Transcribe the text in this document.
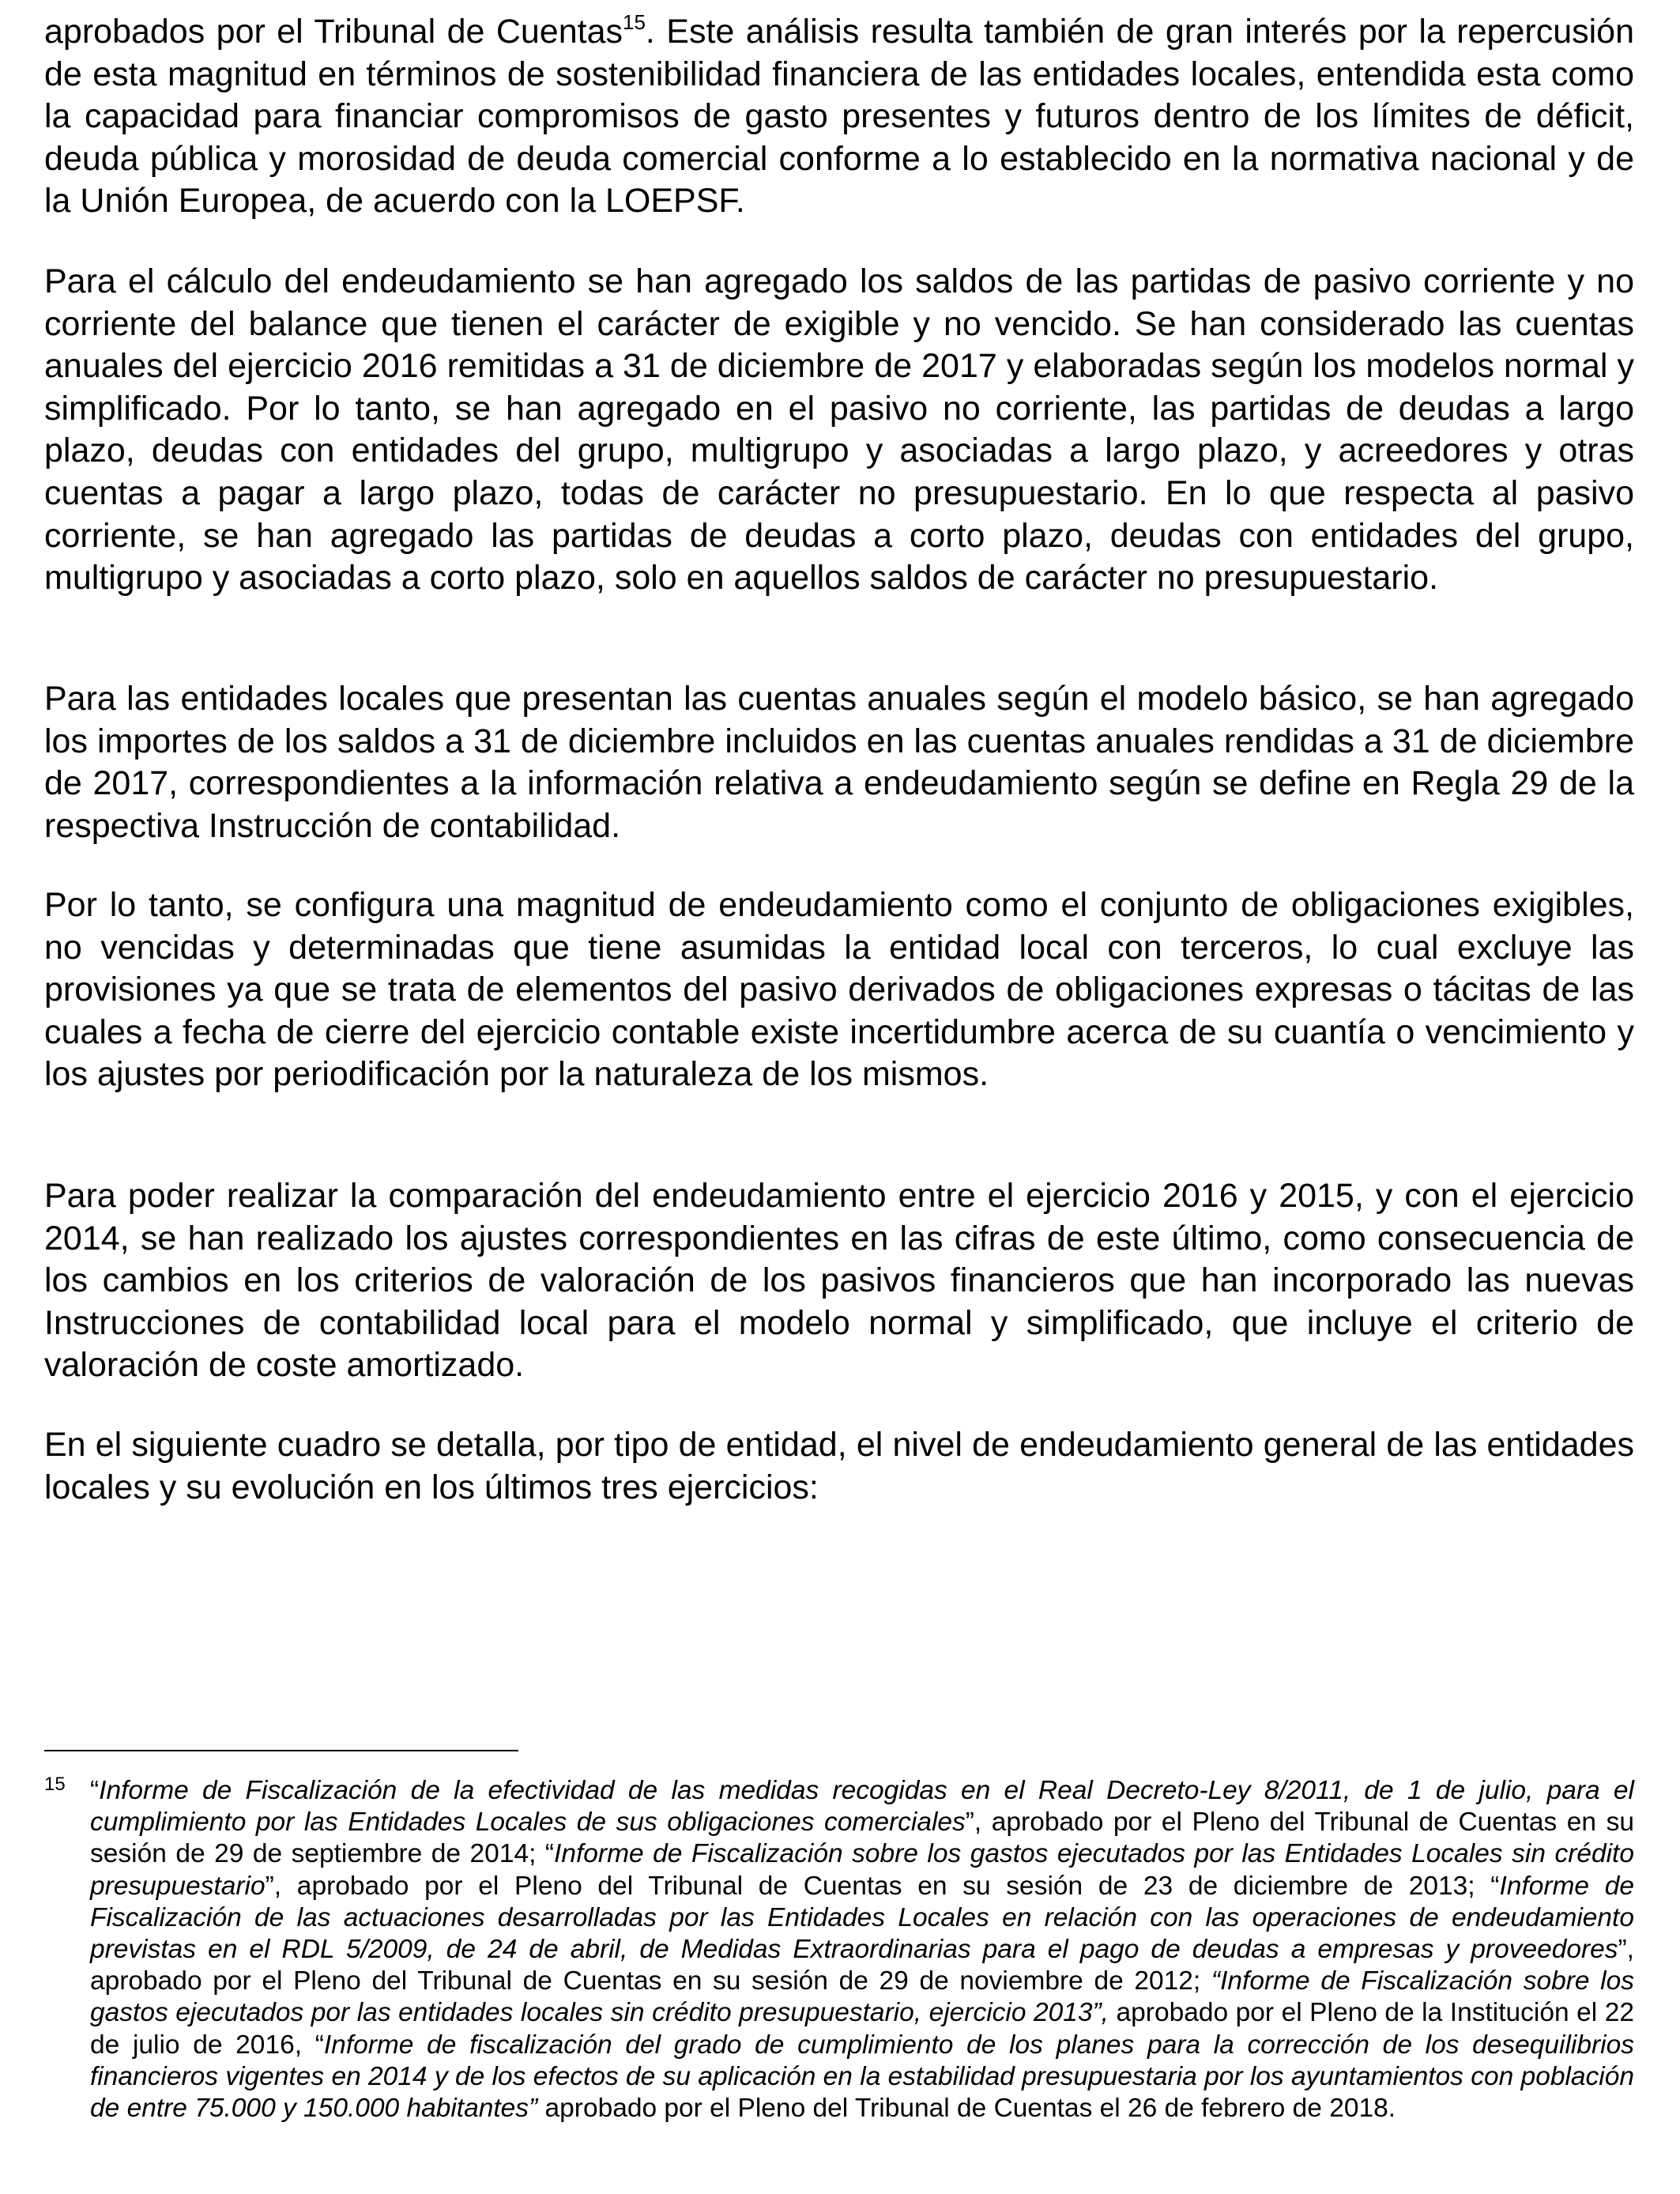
aprobados por el Tribunal de Cuentas$^{15}$. Este análisis resulta también de gran interés por la repercusión de esta magnitud en términos de sostenibilidad financiera de las entidades locales, entendida esta como la capacidad para financiar compromisos de gasto presentes y futuros dentro de los límites de déficit, deuda pública y morosidad de deuda comercial conforme a lo establecido en la normativa nacional y de la Unión Europea, de acuerdo con la LOEPSF.

Para el cálculo del endeudamiento se han agregado los saldos de las partidas de pasivo corriente y no corriente del balance que tienen el carácter de exigible y no vencido. Se han considerado las cuentas anuales del ejercicio 2016 remitidas a 31 de diciembre de 2017 y elaboradas según los modelos normal y simplificado. Por lo tanto, se han agregado en el pasivo no corriente, las partidas de deudas a largo plazo, deudas con entidades del grupo, multigrupo y asociadas a largo plazo, y acreedores y otras cuentas a pagar a largo plazo, todas de carácter no presupuestario. En lo que respecta al pasivo corriente, se han agregado las partidas de deudas a corto plazo, deudas con entidades del grupo, multigrupo y asociadas a corto plazo, solo en aquellos saldos de carácter no presupuestario.

Para las entidades locales que presentan las cuentas anuales según el modelo básico, se han agregado los importes de los saldos a 31 de diciembre incluidos en las cuentas anuales rendidas a 31 de diciembre de 2017, correspondientes a la información relativa a endeudamiento según se define en Regla 29 de la respectiva Instrucción de contabilidad.

Por lo tanto, se configura una magnitud de endeudamiento como el conjunto de obligaciones exigibles, no vencidas y determinadas que tiene asumidas la entidad local con terceros, lo cual excluye las provisiones ya que se trata de elementos del pasivo derivados de obligaciones expresas o tácitas de las cuales a fecha de cierre del ejercicio contable existe incertidumbre acerca de su cuantía o vencimiento y los ajustes por periodificación por la naturaleza de los mismos.

Para poder realizar la comparación del endeudamiento entre el ejercicio 2016 y 2015, y con el ejercicio 2014, se han realizado los ajustes correspondientes en las cifras de este último, como consecuencia de los cambios en los criterios de valoración de los pasivos financieros que han incorporado las nuevas Instrucciones de contabilidad local para el modelo normal y simplificado, que incluye el criterio de valoración de coste amortizado.

En el siguiente cuadro se detalla, por tipo de entidad, el nivel de endeudamiento general de las entidades locales y su evolución en los últimos tres ejercicios:

15 “Informe de Fiscalización de la efectividad de las medidas recogidas en el Real Decreto-Ley 8/2011, de 1 de julio, para el cumplimiento por las Entidades Locales de sus obligaciones comerciales”, aprobado por el Pleno del Tribunal de Cuentas en su sesión de 29 de septiembre de 2014; “Informe de Fiscalización sobre los gastos ejecutados por las Entidades Locales sin crédito presupuestario”, aprobado por el Pleno del Tribunal de Cuentas en su sesión de 23 de diciembre de 2013; “Informe de Fiscalización de las actuaciones desarrolladas por las Entidades Locales en relación con las operaciones de endeudamiento previstas en el RDL 5/2009, de 24 de abril, de Medidas Extraordinarias para el pago de deudas a empresas y proveedores”, aprobado por el Pleno del Tribunal de Cuentas en su sesión de 29 de noviembre de 2012; “Informe de Fiscalización sobre los gastos ejecutados por las entidades locales sin crédito presupuestario, ejercicio 2013”, aprobado por el Pleno de la Institución el 22 de julio de 2016, “Informe de fiscalización del grado de cumplimiento de los planes para la corrección de los desequilibrios financieros vigentes en 2014 y de los efectos de su aplicación en la estabilidad presupuestaria por los ayuntamientos con población de entre 75.000 y 150.000 habitantes” aprobado por el Pleno del Tribunal de Cuentas el 26 de febrero de 2018.
